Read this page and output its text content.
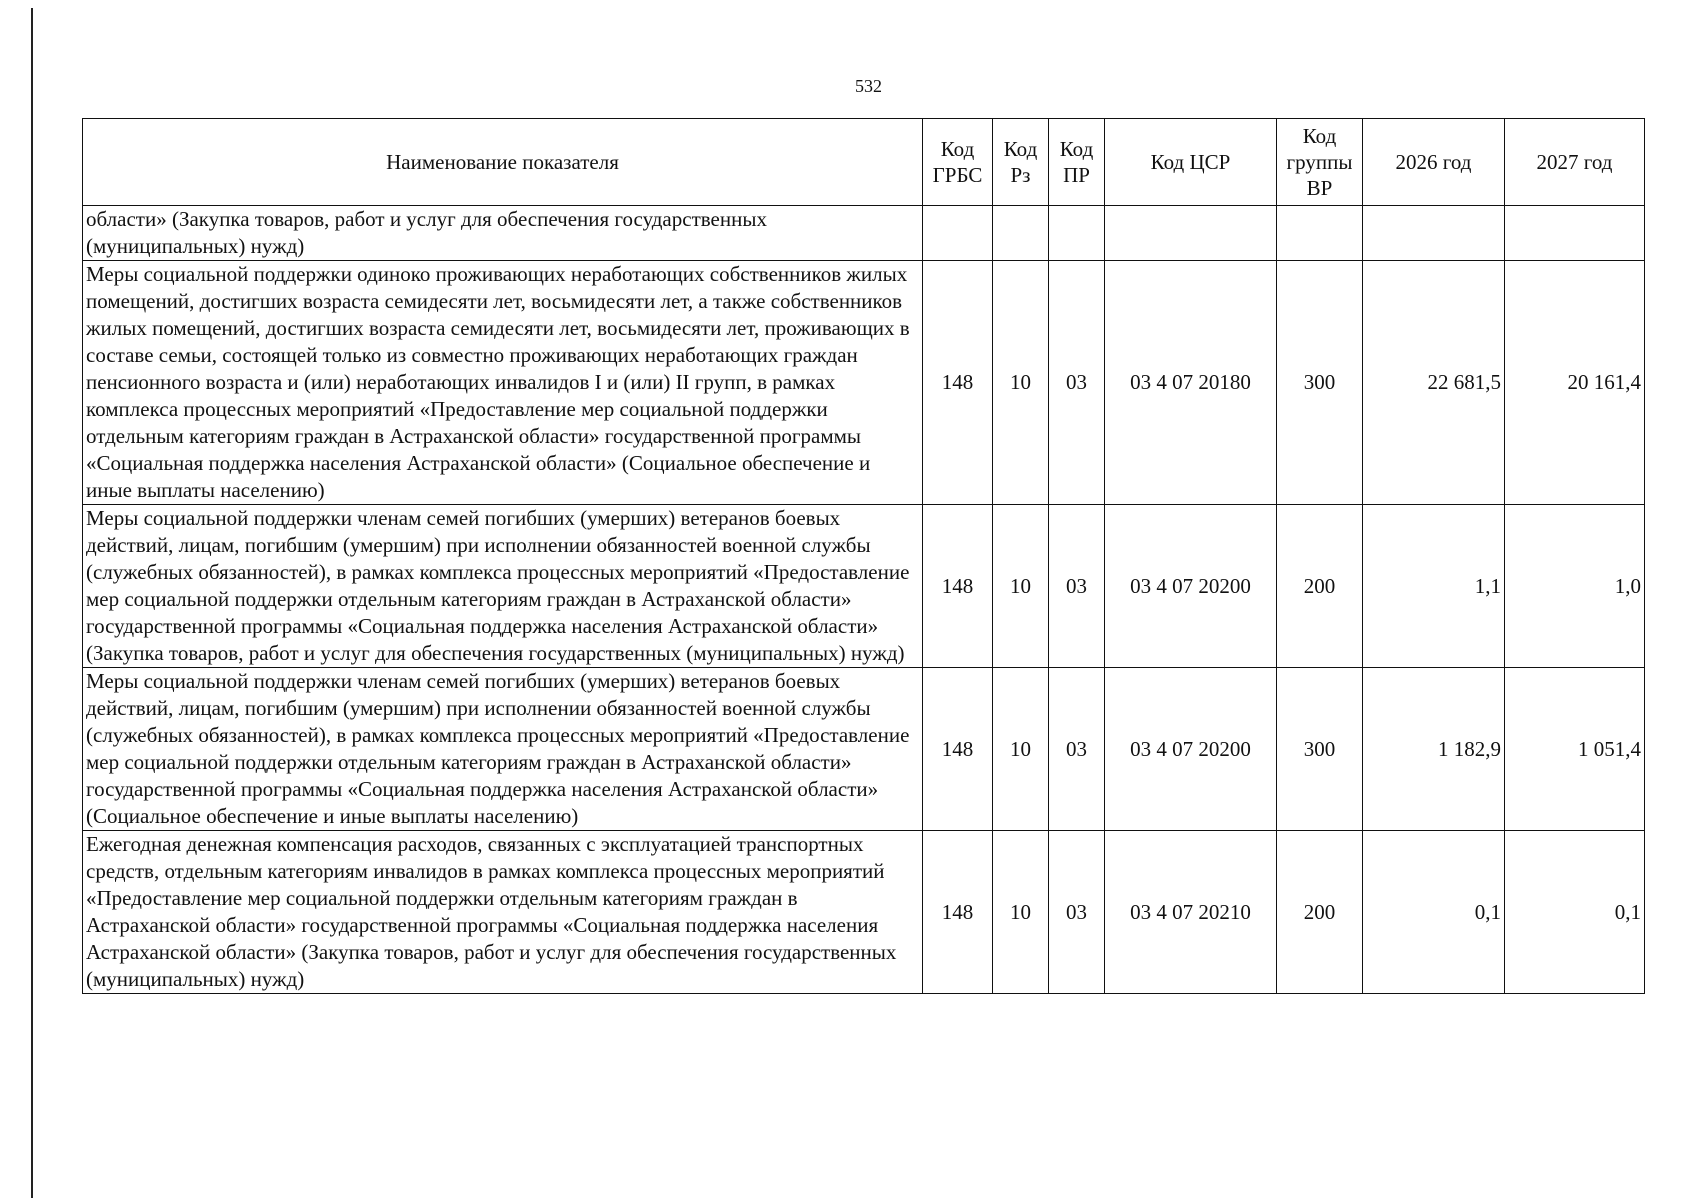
532
Наименование показателя	Код ГРБС	Код Рз	Код ПР	Код ЦСР	Код группы ВР	2026 год	2027 год
области» (Закупка товаров, работ и услуг для обеспечения государственных (муниципальных) нужд)							
Меры социальной поддержки одиноко проживающих неработающих собственников жилых помещений, достигших возраста семидесяти лет, восьмидесяти лет, а также собственников жилых помещений, достигших возраста семидесяти лет, восьмидесяти лет, проживающих в составе семьи, состоящей только из совместно проживающих неработающих граждан пенсионного возраста и (или) неработающих инвалидов I и (или) II групп, в рамках комплекса процессных мероприятий «Предоставление мер социальной поддержки отдельным категориям граждан в Астраханской области» государственной программы «Социальная поддержка населения Астраханской области» (Социальное обеспечение и иные выплаты населению)	148	10	03	03 4 07 20180	300	22 681,5	20 161,4
Меры социальной поддержки членам семей погибших (умерших) ветеранов боевых действий, лицам, погибшим (умершим) при исполнении обязанностей военной службы (служебных обязанностей), в рамках комплекса процессных мероприятий «Предоставление мер социальной поддержки отдельным категориям граждан в Астраханской области» государственной программы «Социальная поддержка населения Астраханской области» (Закупка товаров, работ и услуг для обеспечения государственных (муниципальных) нужд)	148	10	03	03 4 07 20200	200	1,1	1,0
Меры социальной поддержки членам семей погибших (умерших) ветеранов боевых действий, лицам, погибшим (умершим) при исполнении обязанностей военной службы (служебных обязанностей), в рамках комплекса процессных мероприятий «Предоставление мер социальной поддержки отдельным категориям граждан в Астраханской области» государственной программы «Социальная поддержка населения Астраханской области» (Социальное обеспечение и иные выплаты населению)	148	10	03	03 4 07 20200	300	1 182,9	1 051,4
Ежегодная денежная компенсация расходов, связанных с эксплуатацией транспортных средств, отдельным категориям инвалидов в рамках комплекса процессных мероприятий «Предоставление мер социальной поддержки отдельным категориям граждан в Астраханской области» государственной программы «Социальная поддержка населения Астраханской области» (Закупка товаров, работ и услуг для обеспечения государственных (муниципальных) нужд)	148	10	03	03 4 07 20210	200	0,1	0,1
